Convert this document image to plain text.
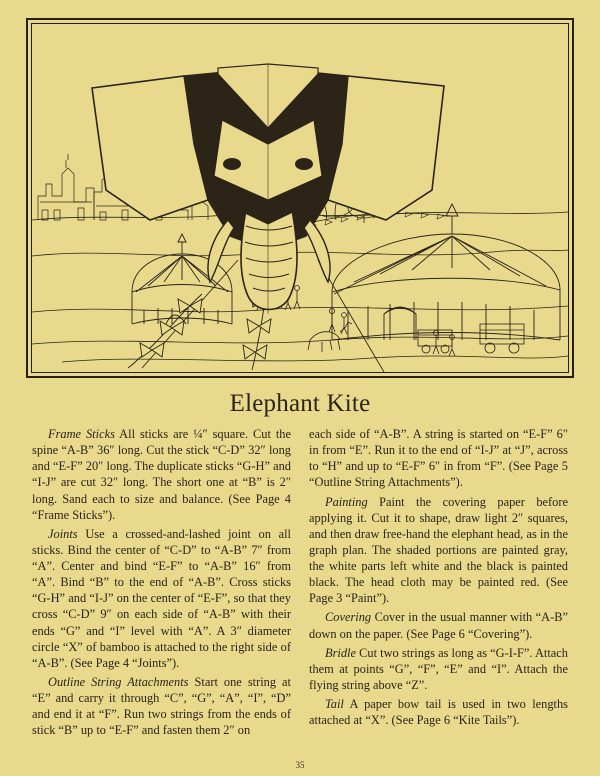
Elephant Kite

Frame Sticks All sticks are ¼″ square. Cut the spine “A-B” 36″ long. Cut the stick “C-D” 32″ long and “E-F” 20″ long. The duplicate sticks “G-H” and “I-J” are cut 32″ long. The short one at “B” is 2″ long. Sand each to size and balance. (See Page 4 “Frame Sticks”).

Joints Use a crossed-and-lashed joint on all sticks. Bind the center of “C-D” to “A-B” 7″ from “A”. Center and bind “E-F” to “A-B” 16″ from “A”. Bind “B” to the end of “A-B”. Cross sticks “G-H” and “I-J” on the center of “E-F”, so that they cross “C-D” 9″ on each side of “A-B” with their ends “G” and “I” level with “A”. A 3″ diameter circle “X” of bamboo is attached to the right side of “A-B”. (See Page 4 “Joints”).

Outline String Attachments Start one string at “E” and carry it through “C”, “G”, “A”, “I”, “D” and end it at “F”. Run two strings from the ends of stick “B” up to “E-F” and fasten them 2″ on

each side of “A-B”. A string is started on “E-F” 6″ in from “E”. Run it to the end of “I-J” at “J”, across to “H” and up to “E-F” 6″ in from “F”. (See Page 5 “Outline String Attachments”).

Painting Paint the covering paper before applying it. Cut it to shape, draw light 2″ squares, and then draw free-hand the elephant head, as in the graph plan. The shaded portions are painted gray, the white parts left white and the black is painted black. The head cloth may be painted red. (See Page 3 “Paint”).

Covering Cover in the usual manner with “A-B” down on the paper. (See Page 6 “Covering”).

Bridle Cut two strings as long as “G-I-F”. Attach them at points “G”, “F”, “E” and “I”. Attach the flying string above “Z”.

Tail A paper bow tail is used in two lengths attached at “X”. (See Page 6 “Kite Tails”).

35
